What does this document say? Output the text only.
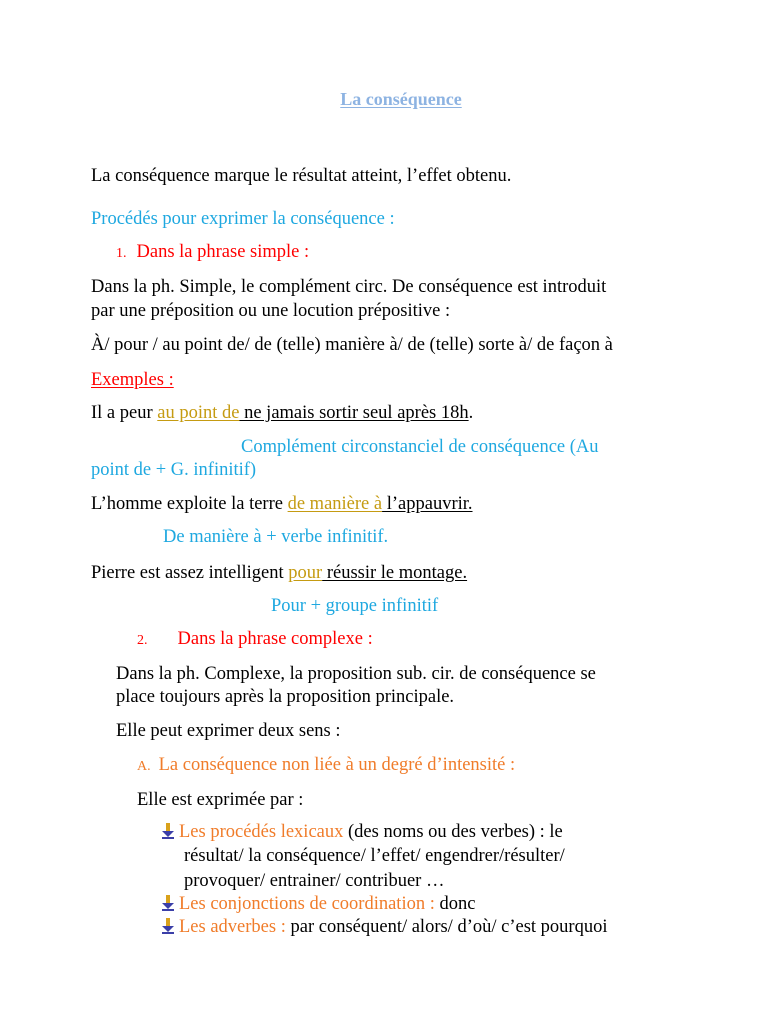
La conséquence
La conséquence marque le résultat atteint, l’effet obtenu.
Procédés pour exprimer la conséquence :
1. Dans la phrase simple :
Dans la ph. Simple, le complément circ. De conséquence est introduit
par une préposition ou une locution prépositive :
À/ pour / au point de/ de (telle) manière à/ de (telle) sorte à/ de façon à
Exemples :
Il a peur au point de ne jamais sortir seul après 18h.
Complément circonstanciel de conséquence (Au
point de + G. infinitif)
L’homme exploite la terre de manière à l’appauvrir.
De manière à + verbe infinitif.
Pierre est assez intelligent pour réussir le montage.
Pour + groupe infinitif
2. Dans la phrase complexe :
Dans la ph. Complexe, la proposition sub. cir. de conséquence se
place toujours après la proposition principale.
Elle peut exprimer deux sens :
A. La conséquence non liée à un degré d’intensité :
Elle est exprimée par :
Les procédés lexicaux (des noms ou des verbes) : le
résultat/ la conséquence/ l’effet/ engendrer/résulter/
provoquer/ entrainer/ contribuer …
Les conjonctions de coordination : donc
Les adverbes : par conséquent/ alors/ d’où/ c’est pourquoi
